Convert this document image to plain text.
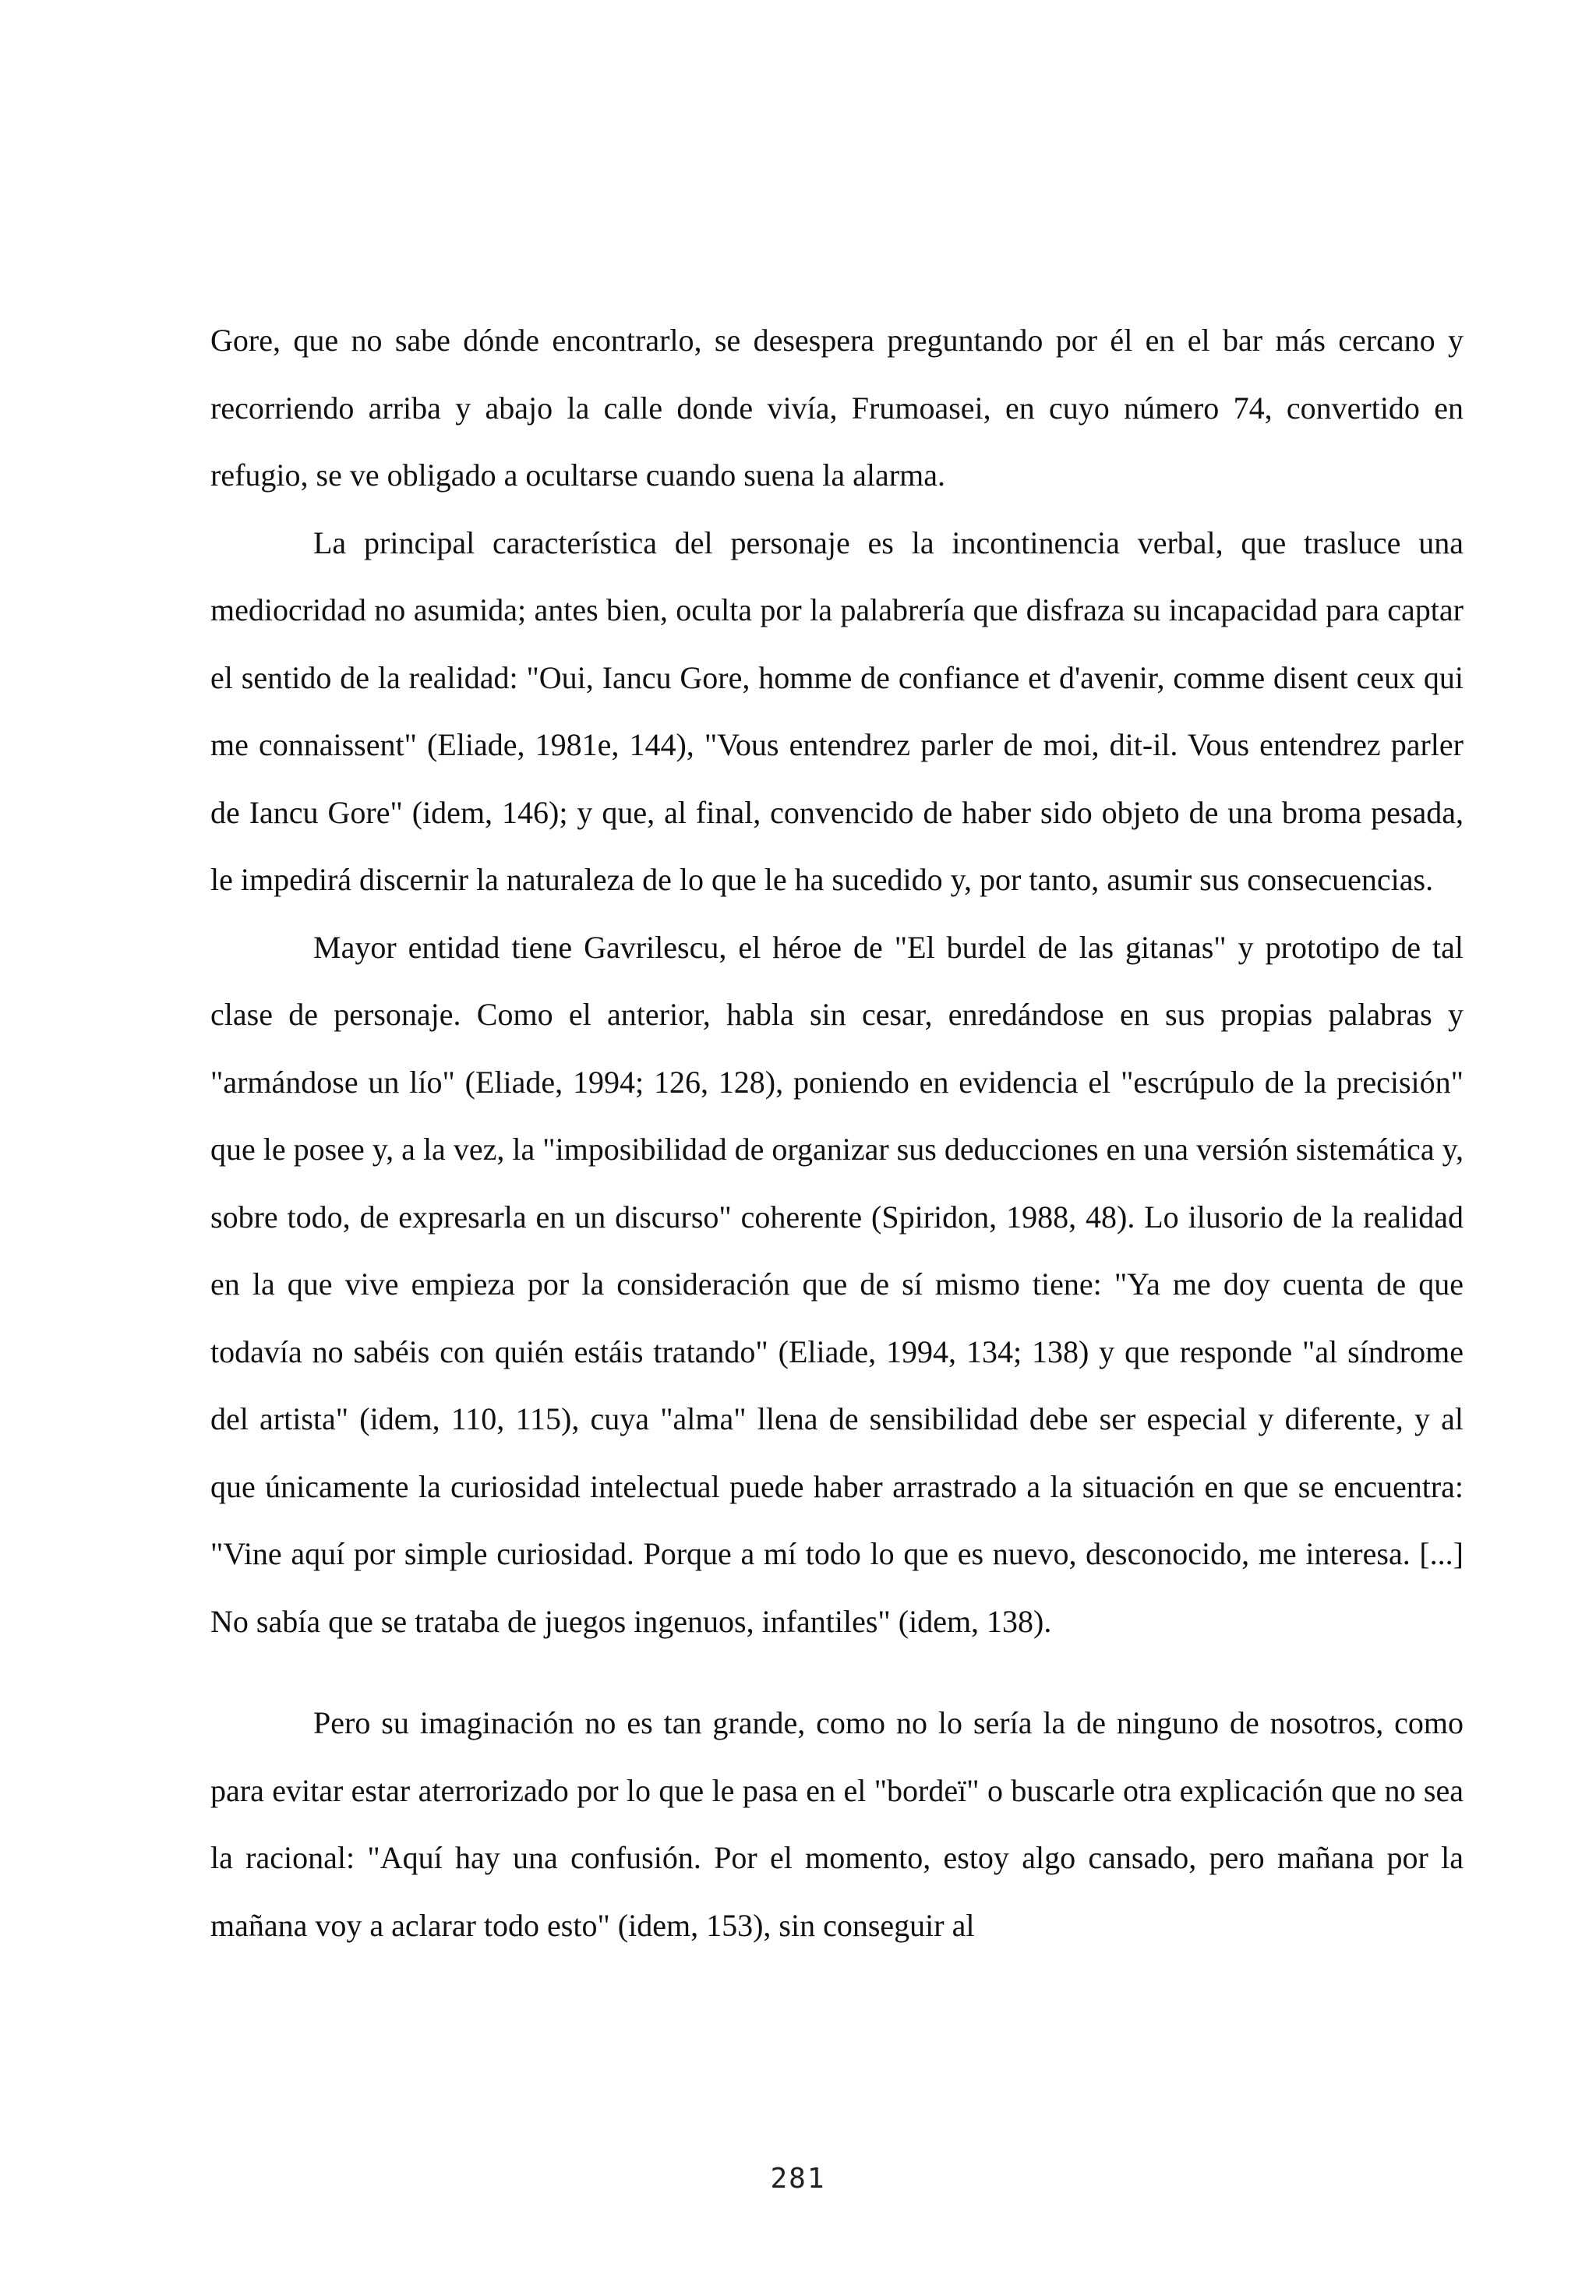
Gore, que no sabe dónde encontrarlo, se desespera preguntando por él en el bar más cercano y recorriendo arriba y abajo la calle donde vivía, Frumoasei, en cuyo número 74, convertido en refugio, se ve obligado a ocultarse cuando suena la alarma.

La principal característica del personaje es la incontinencia verbal, que trasluce una mediocridad no asumida; antes bien, oculta por la palabrería que disfraza su incapacidad para captar el sentido de la realidad: "Oui, Iancu Gore, homme de confiance et d'avenir, comme disent ceux qui me connaissent" (Eliade, 1981e, 144), "Vous entendrez parler de moi, dit-il. Vous entendrez parler de Iancu Gore" (idem, 146); y que, al final, convencido de haber sido objeto de una broma pesada, le impedirá discernir la naturaleza de lo que le ha sucedido y, por tanto, asumir sus consecuencias.

Mayor entidad tiene Gavrilescu, el héroe de "El burdel de las gitanas" y prototipo de tal clase de personaje. Como el anterior, habla sin cesar, enredándose en sus propias palabras y "armándose un lío" (Eliade, 1994; 126, 128), poniendo en evidencia el "escrúpulo de la precisión" que le posee y, a la vez, la "imposibilidad de organizar sus deducciones en una versión sistemática y, sobre todo, de expresarla en un discurso" coherente (Spiridon, 1988, 48). Lo ilusorio de la realidad en la que vive empieza por la consideración que de sí mismo tiene: "Ya me doy cuenta de que todavía no sabéis con quién estáis tratando" (Eliade, 1994, 134; 138) y que responde "al síndrome del artista" (idem, 110, 115), cuya "alma" llena de sensibilidad debe ser especial y diferente, y al que únicamente la curiosidad intelectual puede haber arrastrado a la situación en que se encuentra: "Vine aquí por simple curiosidad. Porque a mí todo lo que es nuevo, desconocido, me interesa. [...] No sabía que se trataba de juegos ingenuos, infantiles" (idem, 138).

Pero su imaginación no es tan grande, como no lo sería la de ninguno de nosotros, como para evitar estar aterrorizado por lo que le pasa en el "bordeï" o buscarle otra explicación que no sea la racional: "Aquí hay una confusión. Por el momento, estoy algo cansado, pero mañana por la mañana voy a aclarar todo esto" (idem, 153), sin conseguir al

281
